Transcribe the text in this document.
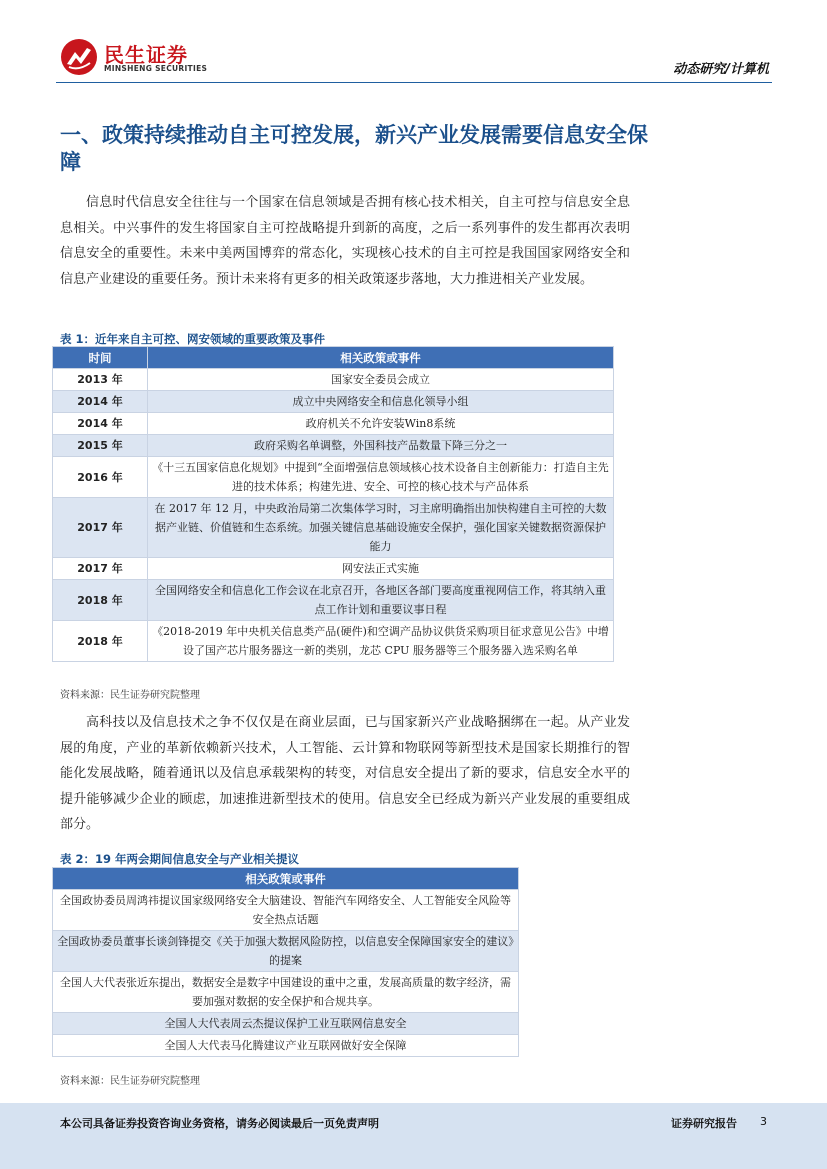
民生证券
MINSHENG SECURITIES	动态研究/计算机
一、政策持续推动自主可控发展，新兴产业发展需要信息安全保障

信息时代信息安全往往与一个国家在信息领域是否拥有核心技术相关，自主可控与信息安全息息相关。中兴事件的发生将国家自主可控战略提升到新的高度，之后一系列事件的发生都再次表明信息安全的重要性。未来中美两国博弈的常态化，实现核心技术的自主可控是我国国家网络安全和信息产业建设的重要任务。预计未来将有更多的相关政策逐步落地，大力推进相关产业发展。

表 1：近年来自主可控、网安领域的重要政策及事件
时间	相关政策或事件
2013 年	国家安全委员会成立
2014 年	成立中央网络安全和信息化领导小组
2014 年	政府机关不允许安装Win8系统
2015 年	政府采购名单调整，外国科技产品数量下降三分之一
2016 年	《十三五国家信息化规划》中提到“全面增强信息领域核心技术设备自主创新能力：打造自主先进的技术体系；构建先进、安全、可控的核心技术与产品体系
2017 年	在 2017 年 12 月，中央政治局第二次集体学习时，习主席明确指出加快构建自主可控的大数据产业链、价值链和生态系统。加强关键信息基础设施安全保护，强化国家关键数据资源保护能力
2017 年	网安法正式实施
2018 年	全国网络安全和信息化工作会议在北京召开，各地区各部门要高度重视网信工作，将其纳入重点工作计划和重要议事日程
2018 年	《2018-2019 年中央机关信息类产品(硬件)和空调产品协议供货采购项目征求意见公告》中增设了国产芯片服务器这一新的类别，龙芯 CPU 服务器等三个服务器入选采购名单
资料来源：民生证券研究院整理

高科技以及信息技术之争不仅仅是在商业层面，已与国家新兴产业战略捆绑在一起。从产业发展的角度，产业的革新依赖新兴技术，人工智能、云计算和物联网等新型技术是国家长期推行的智能化发展战略，随着通讯以及信息承载架构的转变，对信息安全提出了新的要求，信息安全水平的提升能够减少企业的顾虑，加速推进新型技术的使用。信息安全已经成为新兴产业发展的重要组成部分。

表 2：19 年两会期间信息安全与产业相关提议
相关政策或事件
全国政协委员周鸿祎提议国家级网络安全大脑建设、智能汽车网络安全、人工智能安全风险等安全热点话题
全国政协委员董事长谈剑锋提交《关于加强大数据风险防控，以信息安全保障国家安全的建议》的提案
全国人大代表张近东提出，数据安全是数字中国建设的重中之重，发展高质量的数字经济，需要加强对数据的安全保护和合规共享。
全国人大代表周云杰提议保护工业互联网信息安全
全国人大代表马化腾建议产业互联网做好安全保障
资料来源：民生证券研究院整理
本公司具备证券投资咨询业务资格，请务必阅读最后一页免责声明	证券研究报告 3
